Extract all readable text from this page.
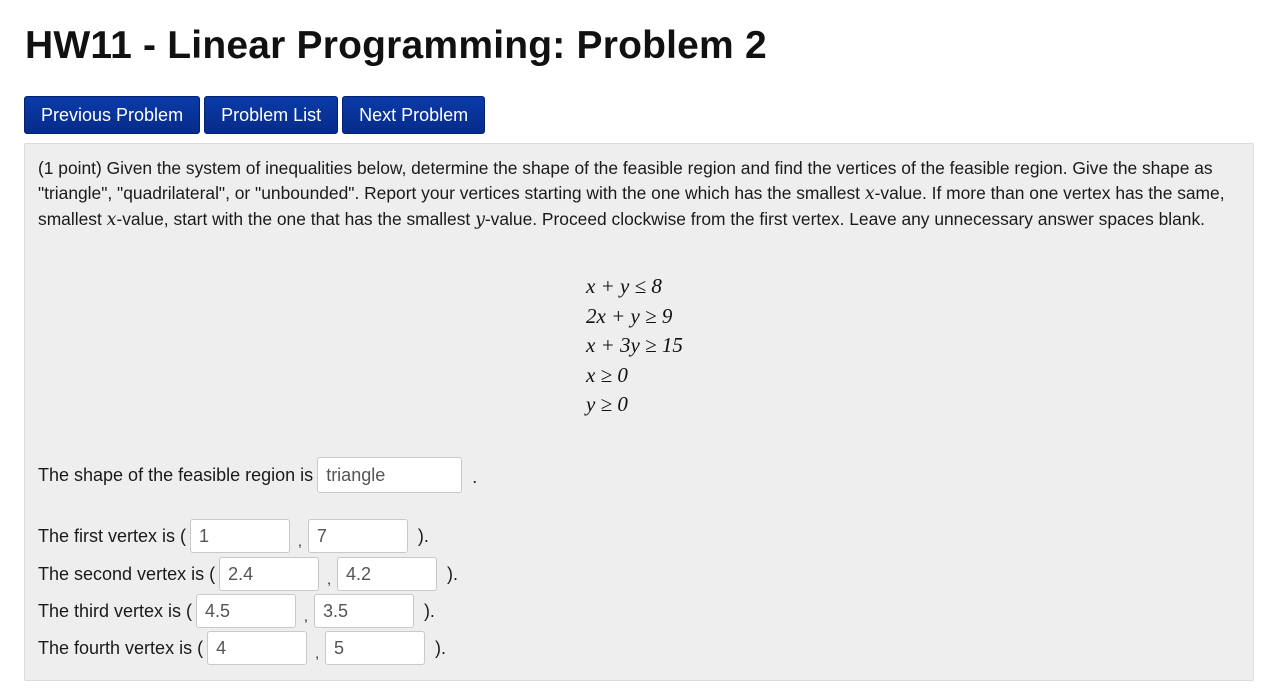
HW11 - Linear Programming: Problem 2
Previous Problem	Problem List	Next Problem

(1 point) Given the system of inequalities below, determine the shape of the feasible region and find the vertices of the feasible region. Give the shape as "triangle", "quadrilateral", or "unbounded". Report your vertices starting with the one which has the smallest x-value. If more than one vertex has the same, smallest x-value, start with the one that has the smallest y-value. Proceed clockwise from the first vertex. Leave any unnecessary answer spaces blank.

x + y ≤ 8
2x + y ≥ 9
x + 3y ≥ 15
x ≥ 0
y ≥ 0
The shape of the feasible region is
triangle	.
The first vertex is (
1	,
7	).
The second vertex is (
2.4	,
4.2	).
The third vertex is (
4.5	,
3.5	).
The fourth vertex is (
4	,
5	).
